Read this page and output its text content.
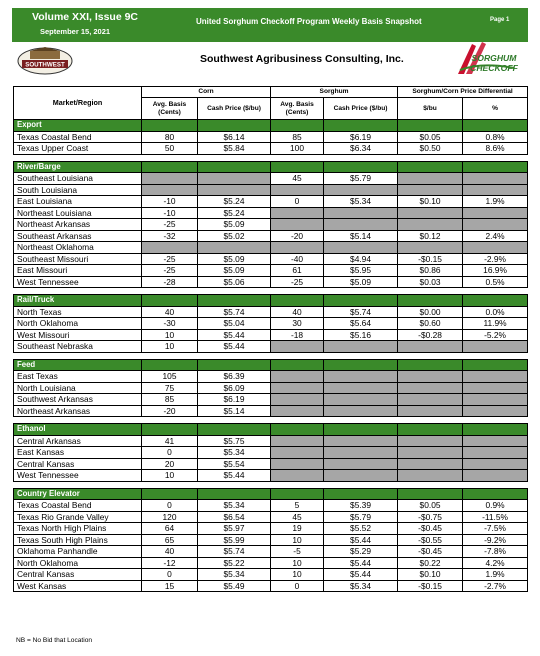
Volume XXI, Issue 9C
September 15, 2021
United Sorghum Checkoff Program Weekly Basis Snapshot	Page 1
SOUTHWEST	Southwest Agribusiness Consulting, Inc.	SORGHUM
CHECKOFF
Market/Region	Corn		Sorghum		Sorghum/Corn Price Differential	
	Avg. Basis (Cents)	Cash Price ($/bu)	Avg. Basis (Cents)	Cash Price ($/bu)	$/bu	%
Export						
Texas Coastal Bend	80	$6.14	85	$6.19	$0.05	0.8%
Texas Upper Coast	50	$5.84	100	$6.34	$0.50	8.6%

River/Barge						
Southeast Louisiana			45	$5.79		
South Louisiana						
East Louisiana	-10	$5.24	0	$5.34	$0.10	1.9%
Northeast Louisiana	-10	$5.24				
Northeast Arkansas	-25	$5.09				
Southeast Arkansas	-32	$5.02	-20	$5.14	$0.12	2.4%
Northeast Oklahoma						
Southeast Missouri	-25	$5.09	-40	$4.94	-$0.15	-2.9%
East Missouri	-25	$5.09	61	$5.95	$0.86	16.9%
West Tennessee	-28	$5.06	-25	$5.09	$0.03	0.5%

Rail/Truck						
North Texas	40	$5.74	40	$5.74	$0.00	0.0%
North Oklahoma	-30	$5.04	30	$5.64	$0.60	11.9%
West Missouri	10	$5.44	-18	$5.16	-$0.28	-5.2%
Southeast Nebraska	10	$5.44				

Feed						
East Texas	105	$6.39				
North Louisiana	75	$6.09				
Southwest Arkansas	85	$6.19				
Northeast Arkansas	-20	$5.14				

Ethanol						
Central Arkansas	41	$5.75				
East Kansas	0	$5.34				
Central Kansas	20	$5.54				
West Tennessee	10	$5.44				

Country Elevator						
Texas Coastal Bend	0	$5.34	5	$5.39	$0.05	0.9%
Texas Rio Grande Valley	120	$6.54	45	$5.79	-$0.75	-11.5%
Texas North High Plains	64	$5.97	19	$5.52	-$0.45	-7.5%
Texas South High Plains	65	$5.99	10	$5.44	-$0.55	-9.2%
Oklahoma Panhandle	40	$5.74	-5	$5.29	-$0.45	-7.8%
North Oklahoma	-12	$5.22	10	$5.44	$0.22	4.2%
Central Kansas	0	$5.34	10	$5.44	$0.10	1.9%
West Kansas	15	$5.49	0	$5.34	-$0.15	-2.7%
NB = No Bid that Location
